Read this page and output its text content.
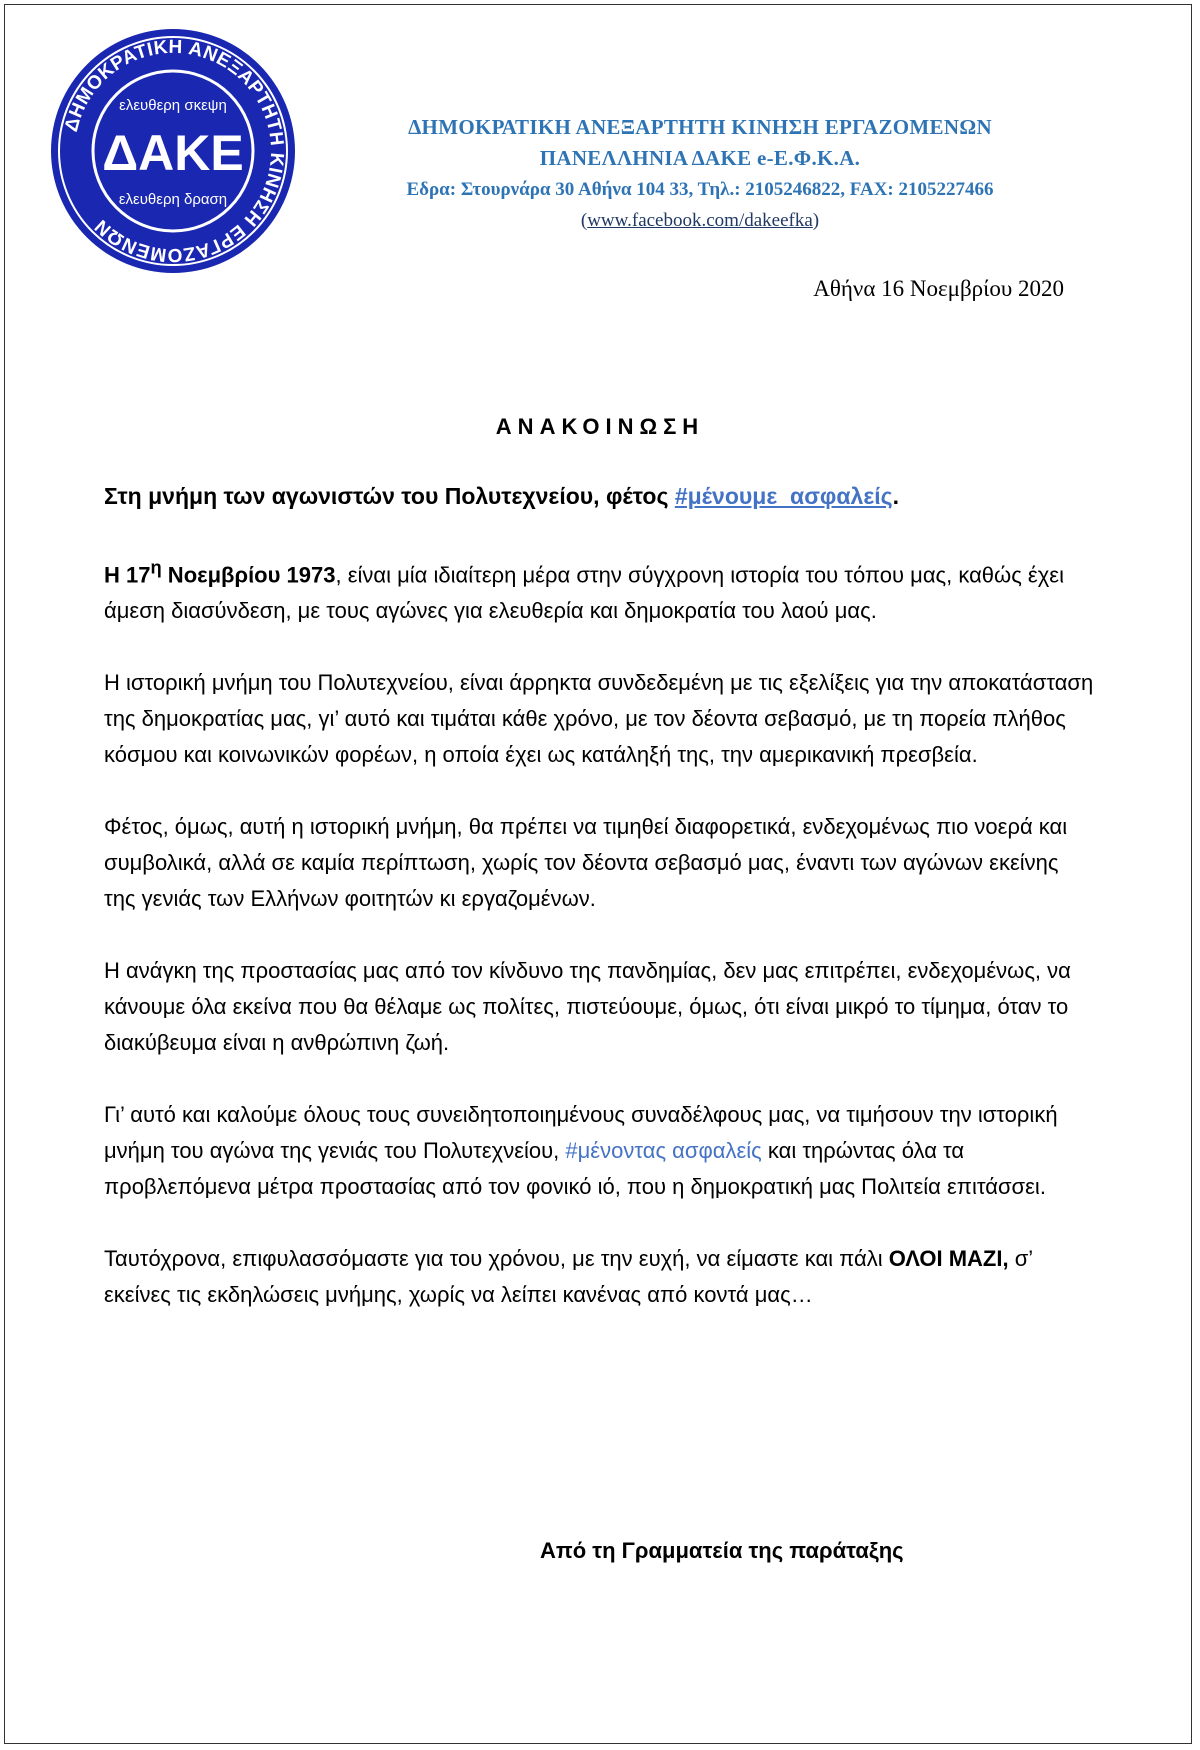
ΔΗΜΟΚΡΑΤΙΚΗ ΑΝΕΞΑΡΤΗΤΗ ΚΙΝΗΣΗ ΕΡΓΑΖΟΜΕΝΩΝ
ελευθερη σκεψη
ΔΑΚΕ
ελευθερη δραση
ΔΗΜΟΚΡΑΤΙΚΗ ΑΝΕΞΑΡΤΗΤΗ ΚΙΝΗΣΗ ΕΡΓΑΖΟΜΕΝΩΝ
ΠΑΝΕΛΛΗΝΙΑ ΔΑΚΕ e-Ε.Φ.Κ.Α.
Εδρα: Στουρνάρα 30 Αθήνα 104 33, Τηλ.: 2105246822, FAX: 2105227466
(www.facebook.com/dakeefka)
Αθήνα 16 Νοεμβρίου 2020
ΑΝΑΚΟΙΝΩΣΗ

Στη μνήμη των αγωνιστών του Πολυτεχνείου, φέτος #μένουμε_ασφαλείς.

Η $17^\eta$ Νοεμβρίου 1973, είναι μία ιδιαίτερη μέρα στην σύγχρονη ιστορία του τόπου μας, καθώς έχει άμεση διασύνδεση, με τους αγώνες για ελευθερία και δημοκρατία του λαού μας.

Η ιστορική μνήμη του Πολυτεχνείου, είναι άρρηκτα συνδεδεμένη με τις εξελίξεις για την αποκατάσταση της δημοκρατίας μας, γι’ αυτό και τιμάται κάθε χρόνο, με τον δέοντα σεβασμό, με τη πορεία πλήθος κόσμου και κοινωνικών φορέων, η οποία έχει ως κατάληξή της, την αμερικανική πρεσβεία.

Φέτος, όμως, αυτή η ιστορική μνήμη, θα πρέπει να τιμηθεί διαφορετικά, ενδεχομένως πιο νοερά και συμβολικά, αλλά σε καμία περίπτωση, χωρίς τον δέοντα σεβασμό μας, έναντι των αγώνων εκείνης της γενιάς των Ελλήνων φοιτητών κι εργαζομένων.

Η ανάγκη της προστασίας μας από τον κίνδυνο της πανδημίας, δεν μας επιτρέπει, ενδεχομένως, να κάνουμε όλα εκείνα που θα θέλαμε ως πολίτες, πιστεύουμε, όμως, ότι είναι μικρό το τίμημα, όταν το διακύβευμα είναι η ανθρώπινη ζωή.

Γι’ αυτό και καλούμε όλους τους συνειδητοποιημένους συναδέλφους μας, να τιμήσουν την ιστορική μνήμη του αγώνα της γενιάς του Πολυτεχνείου, #μένοντας ασφαλείς και τηρώντας όλα τα προβλεπόμενα μέτρα προστασίας από τον φονικό ιό, που η δημοκρατική μας Πολιτεία επιτάσσει.

Ταυτόχρονα, επιφυλασσόμαστε για του χρόνου, με την ευχή, να είμαστε και πάλι ΟΛΟΙ ΜΑΖΙ, σ’ εκείνες τις εκδηλώσεις μνήμης, χωρίς να λείπει κανένας από κοντά μας…

Από τη Γραμματεία της παράταξης
